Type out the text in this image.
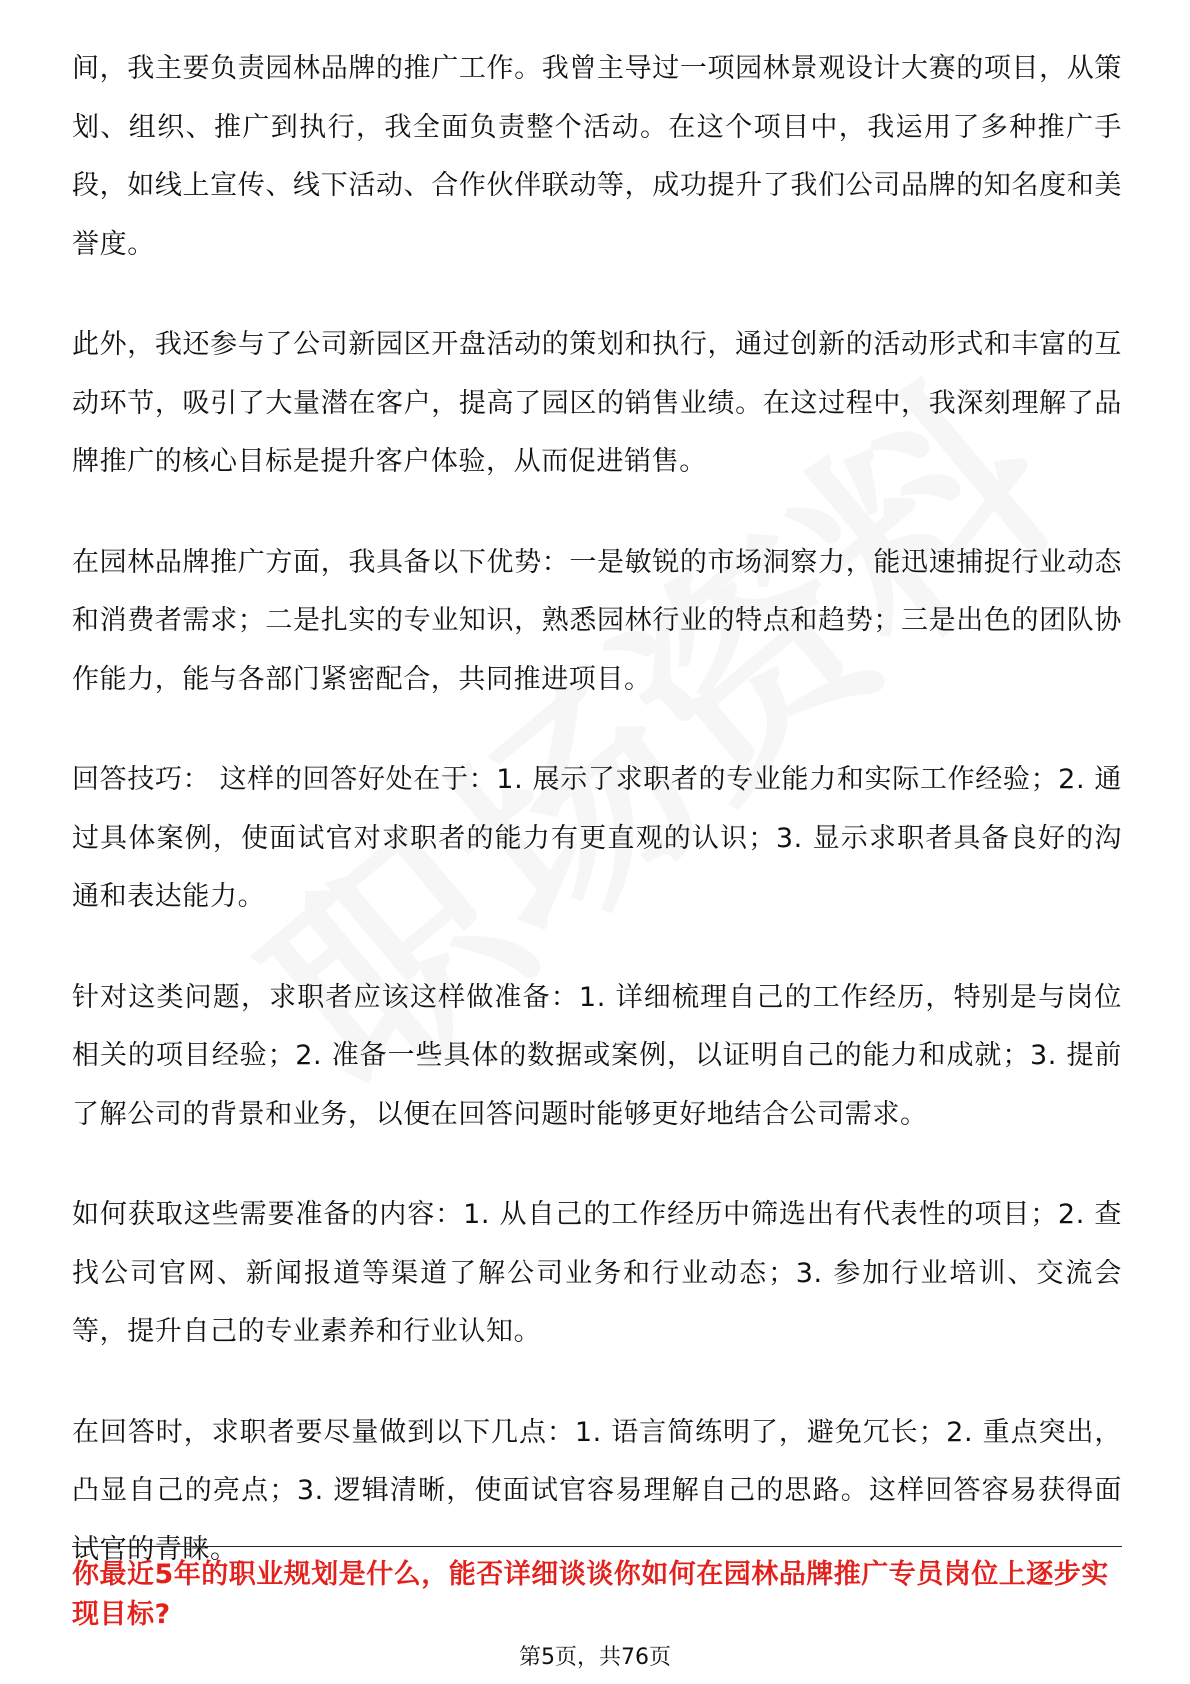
间，我主要负责园林品牌的推广工作。我曾主导过一项园林景观设计大赛的项目，从策划、组织、推广到执行，我全面负责整个活动。在这个项目中，我运用了多种推广手段，如线上宣传、线下活动、合作伙伴联动等，成功提升了我们公司品牌的知名度和美誉度。

此外，我还参与了公司新园区开盘活动的策划和执行，通过创新的活动形式和丰富的互动环节，吸引了大量潜在客户，提高了园区的销售业绩。在这过程中，我深刻理解了品牌推广的核心目标是提升客户体验，从而促进销售。

在园林品牌推广方面，我具备以下优势：一是敏锐的市场洞察力，能迅速捕捉行业动态和消费者需求；二是扎实的专业知识，熟悉园林行业的特点和趋势；三是出色的团队协作能力，能与各部门紧密配合，共同推进项目。

回答技巧： 这样的回答好处在于：1. 展示了求职者的专业能力和实际工作经验；2. 通过具体案例，使面试官对求职者的能力有更直观的认识；3. 显示求职者具备良好的沟通和表达能力。

针对这类问题，求职者应该这样做准备：1. 详细梳理自己的工作经历，特别是与岗位相关的项目经验；2. 准备一些具体的数据或案例，以证明自己的能力和成就；3. 提前了解公司的背景和业务，以便在回答问题时能够更好地结合公司需求。

如何获取这些需要准备的内容：1. 从自己的工作经历中筛选出有代表性的项目；2. 查找公司官网、新闻报道等渠道了解公司业务和行业动态；3. 参加行业培训、交流会等，提升自己的专业素养和行业认知。

在回答时，求职者要尽量做到以下几点：1. 语言简练明了，避免冗长；2. 重点突出，凸显自己的亮点；3. 逻辑清晰，使面试官容易理解自己的思路。这样回答容易获得面试官的青睐。

你最近5年的职业规划是什么，能否详细谈谈你如何在园林品牌推广专员岗位上逐步实现目标?

第5页，共76页
